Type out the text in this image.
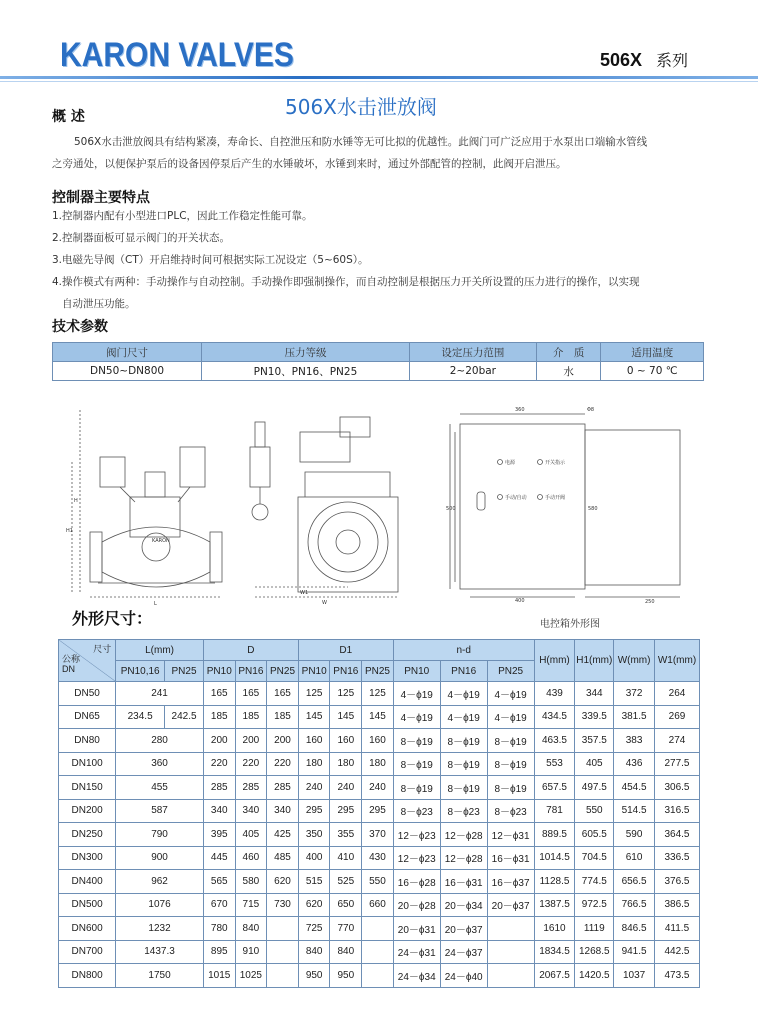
KARON VALVES	506X 系列
概 述	506X水击泄放阀

506X水击泄放阀具有结构紧凑，寿命长、自控泄压和防水锤等无可比拟的优越性。此阀门可广泛应用于水泵出口端输水管线

之旁通处，以便保护泵后的设备因停泵后产生的水锤破坏，水锤到来时，通过外部配管的控制，此阀开启泄压。

控制器主要特点

1.控制器内配有小型进口PLC，因此工作稳定性能可靠。

2.控制器面板可显示阀门的开关状态。

3.电磁先导阀（CT）开启维持时间可根据实际工况设定（5~60S）。

4.操作模式有两种：手动操作与自动控制。手动操作即强制操作，而自动控制是根据压力开关所设置的压力进行的操作，以实现

自动泄压功能。

技术参数
阀门尺寸	压力等级	设定压力范围	介　质	适用温度
DN50~DN800	PN10、PN16、PN25	2~20bar	水	0 ~ 70 ℃
KARON
H
H1
L
W1
W
360	Φ8
500	580
400	250
电源	开关指示
手动/自动	手动开阀
外形尺寸：	电控箱外形图
尺寸
公称
DN	L(mm)		D			D1			n-d			H(mm)	H1(mm)	W(mm)	W1(mm)
	PN10,16	PN25	PN10	PN16	PN25	PN10	PN16	PN25	PN10	PN16	PN25				
DN50	241		165	165	165	125	125	125	4－ϕ19	4－ϕ19	4－ϕ19	439	344	372	264
DN65	234.5	242.5	185	185	185	145	145	145	4－ϕ19	4－ϕ19	4－ϕ19	434.5	339.5	381.5	269
DN80	280		200	200	200	160	160	160	8－ϕ19	8－ϕ19	8－ϕ19	463.5	357.5	383	274
DN100	360		220	220	220	180	180	180	8－ϕ19	8－ϕ19	8－ϕ19	553	405	436	277.5
DN150	455		285	285	285	240	240	240	8－ϕ19	8－ϕ19	8－ϕ19	657.5	497.5	454.5	306.5
DN200	587		340	340	340	295	295	295	8－ϕ23	8－ϕ23	8－ϕ23	781	550	514.5	316.5
DN250	790		395	405	425	350	355	370	12－ϕ23	12－ϕ28	12－ϕ31	889.5	605.5	590	364.5
DN300	900		445	460	485	400	410	430	12－ϕ23	12－ϕ28	16－ϕ31	1014.5	704.5	610	336.5
DN400	962		565	580	620	515	525	550	16－ϕ28	16－ϕ31	16－ϕ37	1128.5	774.5	656.5	376.5
DN500	1076		670	715	730	620	650	660	20－ϕ28	20－ϕ34	20－ϕ37	1387.5	972.5	766.5	386.5
DN600	1232		780	840		725	770		20－ϕ31	20－ϕ37		1610	1119	846.5	411.5
DN700	1437.3		895	910		840	840		24－ϕ31	24－ϕ37		1834.5	1268.5	941.5	442.5
DN800	1750		1015	1025		950	950		24－ϕ34	24－ϕ40		2067.5	1420.5	1037	473.5
